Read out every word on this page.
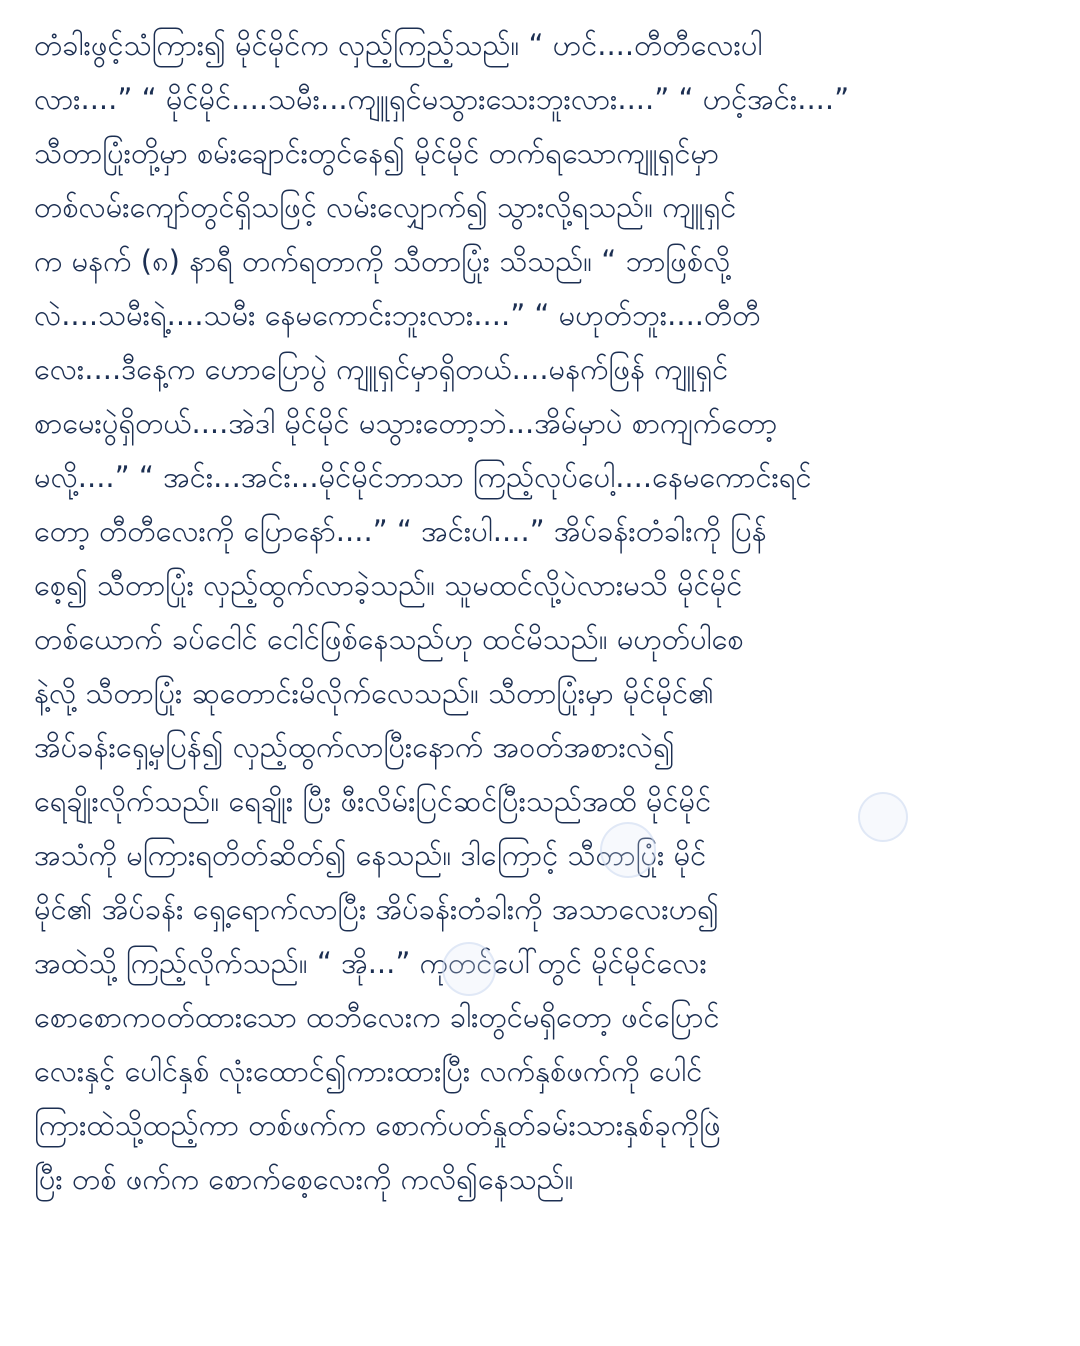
တံခါးဖွင့်သံကြား၍ မိုင်မိုင်က လှည့်ကြည့်သည်။ “ ဟင်....တီတီလေးပါ
လား....” “ မိုင်မိုင်....သမီး...ကျူရှင်မသွားသေးဘူးလား....” “ ဟင့်အင်း....”
သီတာပြုံးတို့မှာ စမ်းချောင်းတွင်နေ၍ မိုင်မိုင် တက်ရသောကျူရှင်မှာ
တစ်လမ်းကျော်တွင်ရှိသဖြင့် လမ်းလျှောက်၍ သွားလို့ရသည်။ ကျူရှင်
က မနက် (၈) နာရီ တက်ရတာကို သီတာပြုံး သိသည်။ “ ဘာဖြစ်လို့
လဲ....သမီးရဲ့....သမီး နေမကောင်းဘူးလား....” “ မဟုတ်ဘူး....တီတီ
လေး....ဒီနေ့က ဟောပြောပွဲ ကျူရှင်မှာရှိတယ်....မနက်ဖြန် ကျူရှင်
စာမေးပွဲရှိတယ်....အဲဒါ မိုင်မိုင် မသွားတော့ဘဲ...အိမ်မှာပဲ စာကျက်တော့
မလို့....” “ အင်း...အင်း...မိုင်မိုင်ဘာသာ ကြည့်လုပ်ပေါ့....နေမကောင်းရင်
တော့ တီတီလေးကို ပြောနော်....” “ အင်းပါ....” အိပ်ခန်းတံခါးကို ပြန်
စေ့၍ သီတာပြုံး လှည့်ထွက်လာခဲ့သည်။ သူမထင်လို့ပဲလားမသိ မိုင်မိုင်
တစ်ယောက် ခပ်ငေါင် ငေါင်ဖြစ်နေသည်ဟု ထင်မိသည်။ မဟုတ်ပါစေ
နဲ့လို့ သီတာပြုံး ဆုတောင်းမိလိုက်လေသည်။ သီတာပြုံးမှာ မိုင်မိုင်၏
အိပ်ခန်းရှေ့မှပြန်၍ လှည့်ထွက်လာပြီးနောက် အဝတ်အစားလဲ၍
ရေချိုးလိုက်သည်။ ရေချိုး ပြီး ဖီးလိမ်းပြင်ဆင်ပြီးသည်အထိ မိုင်မိုင်
အသံကို မကြားရတိတ်ဆိတ်၍ နေသည်။ ဒါကြောင့် သီတာပြုံး မိုင်
မိုင်၏ အိပ်ခန်း ရှေ့ရောက်လာပြီး အိပ်ခန်းတံခါးကို အသာလေးဟ၍
အထဲသို့ ကြည့်လိုက်သည်။ “ အို...” ကုတင်ပေါ်တွင် မိုင်မိုင်လေး
စောစောကဝတ်ထားသော ထဘီလေးက ခါးတွင်မရှိတော့ ဖင်ပြောင်
လေးနှင့် ပေါင်နှစ် လုံးထောင်၍ကားထားပြီး လက်နှစ်ဖက်ကို ပေါင်
ကြားထဲသို့ထည့်ကာ တစ်ဖက်က စောက်ပတ်နှုတ်ခမ်းသားနှစ်ခုကိုဖြဲ
ပြီး တစ် ဖက်က စောက်စေ့လေးကို ကလိ၍နေသည်။
